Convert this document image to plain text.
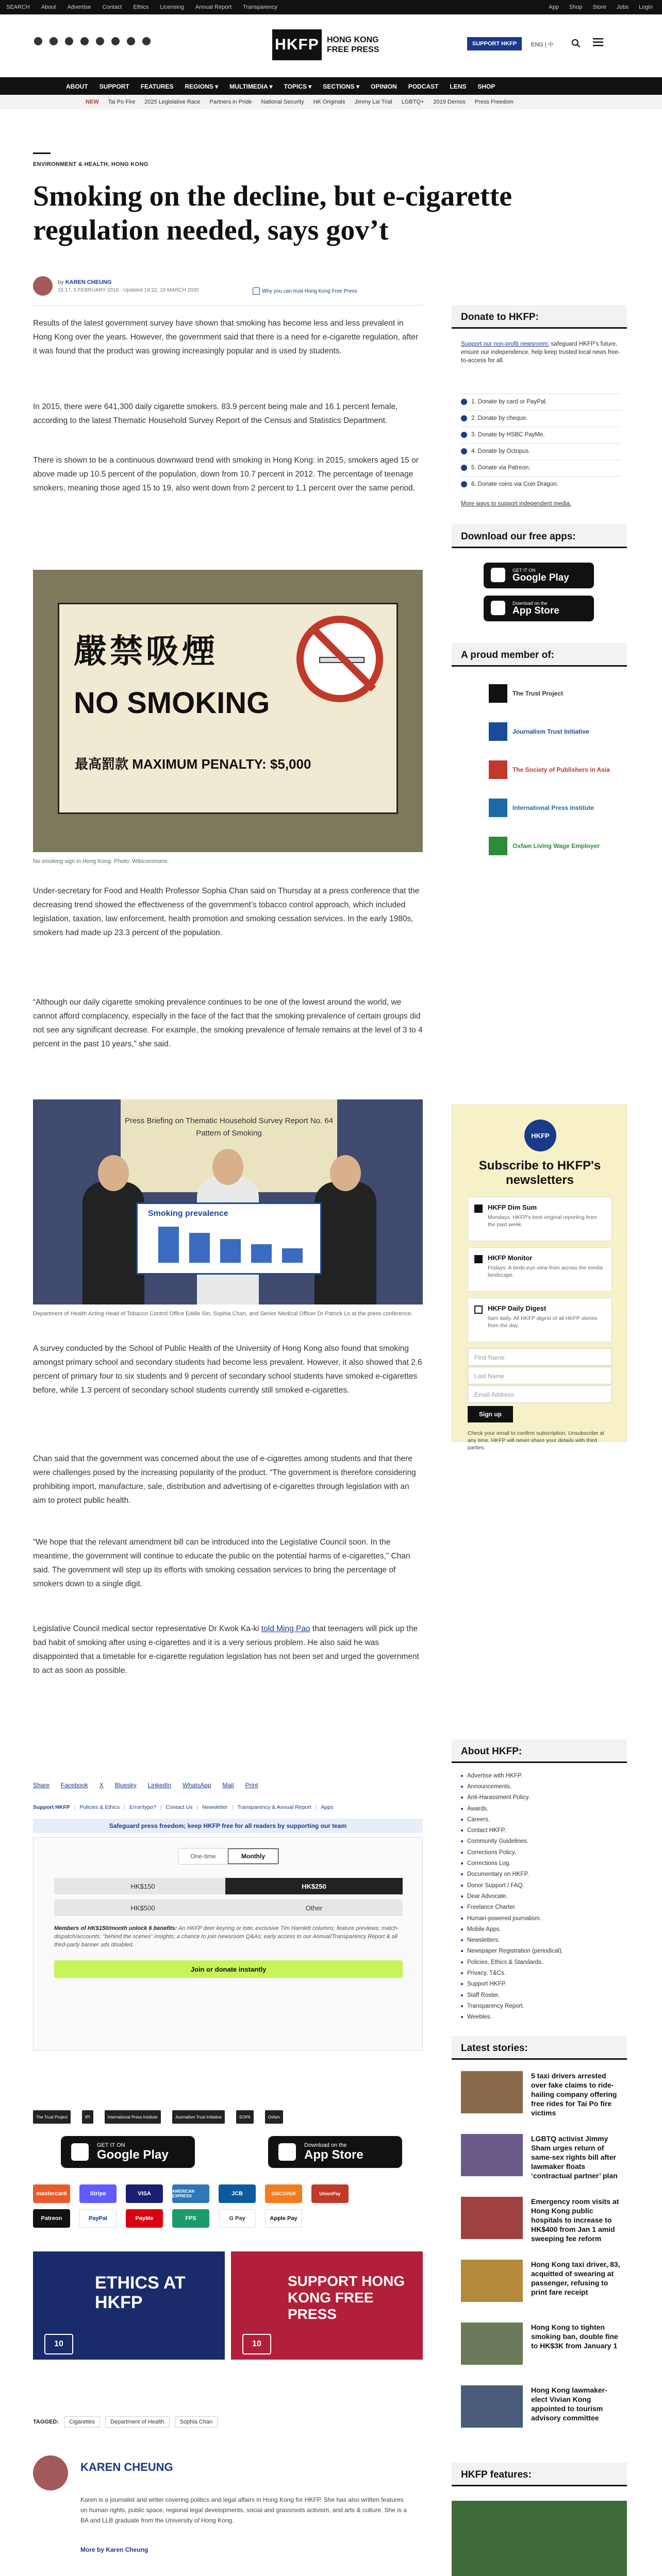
SEARCH About Advertise Contact Ethics Licensing Annual Report Transparency	App Shop Store Jobs Login
HKFP HONG KONG
FREE PRESS
SUPPORT HKFP	ENG | 中
ABOUT SUPPORT FEATURES REGIONS ▾ MULTIMEDIA ▾ TOPICS ▾ SECTIONS ▾ OPINION PODCAST LENS SHOP
NEW Tai Po Fire 2025 Legislative Race Partners in Pride National Security HK Originals Jimmy Lai Trial LGBTQ+ 2019 Demos Press Freedom
ENVIRONMENT & HEALTH, HONG KONG
Smoking on the decline, but e-cigarette regulation needed, says gov’t
by KAREN CHEUNG
15:17, 5 FEBRUARY 2018 · Updated 19:22, 15 MARCH 2020	Why you can trust Hong Kong Free Press

Results of the latest government survey have shown that smoking has become less and less prevalent in Hong Kong over the years. However, the government said that there is a need for e-cigarette regulation, after it was found that the product was growing increasingly popular and is used by students.

In 2015, there were 641,300 daily cigarette smokers. 83.9 percent being male and 16.1 percent female, according to the latest Thematic Household Survey Report of the Census and Statistics Department.

There is shown to be a continuous downward trend with smoking in Hong Kong: in 2015, smokers aged 15 or above made up 10.5 percent of the population, down from 10.7 percent in 2012. The percentage of teenage smokers, meaning those aged 15 to 19, also went down from 2 percent to 1.1 percent over the same period.

嚴禁吸煙
NO SMOKING
最高罰款 MAXIMUM PENALTY: $5,000
No smoking sign in Hong Kong. Photo: Wikicommons.

Under-secretary for Food and Health Professor Sophia Chan said on Thursday at a press conference that the decreasing trend showed the effectiveness of the government’s tobacco control approach, which included legislation, taxation, law enforcement, health promotion and smoking cessation services. In the early 1980s, smokers had made up 23.3 percent of the population.

“Although our daily cigarette smoking prevalence continues to be one of the lowest around the world, we cannot afford complacency, especially in the face of the fact that the smoking prevalence of certain groups did not see any significant decrease. For example, the smoking prevalence of female remains at the level of 3 to 4 percent in the past 10 years,” she said.

Press Briefing on Thematic Household Survey Report No. 64 Pattern of Smoking
Smoking prevalence
Department of Health Acting Head of Tobacco Control Office Eddie Sin, Sophia Chan, and Senior Medical Officer Dr Patrick Lo at the press conference.

A survey conducted by the School of Public Health of the University of Hong Kong also found that smoking amongst primary school and secondary students had become less prevalent. However, it also showed that 2.6 percent of primary four to six students and 9 percent of secondary school students have smoked e-cigarettes before, while 1.3 percent of secondary school students currently still smoked e-cigarettes.

Chan said that the government was concerned about the use of e-cigarettes among students and that there were challenges posed by the increasing popularity of the product. “The government is therefore considering prohibiting import, manufacture, sale, distribution and advertising of e-cigarettes through legislation with an aim to protect public health.

“We hope that the relevant amendment bill can be introduced into the Legislative Council soon. In the meantime, the government will continue to educate the public on the potential harms of e-cigarettes,” Chan said. The government will step up its efforts with smoking cessation services to bring the percentage of smokers down to a single digit.

Legislative Council medical sector representative Dr Kwok Ka-ki told Ming Pao that teenagers will pick up the bad habit of smoking after using e-cigarettes and it is a very serious problem. He also said he was disappointed that a timetable for e-cigarette regulation legislation has not been set and urged the government to act as soon as possible.

Share Facebook X Bluesky LinkedIn WhatsApp Mail Print
Support HKFP | Policies & Ethics | Error/typo? | Contact Us | Newsletter | Transparency & Annual Report | Apps
Safeguard press freedom; keep HKFP free for all readers by supporting our team
One-time	Monthly
HK$150	HK$250
HK$500	Other
Members of HK$150/month unlock 6 benefits: An HKFP deer keyring or tote; exclusive Tim Hamlett columns; feature previews; match-dispatch/accounts; "behind the scenes" insights; a chance to join newsroom Q&As; early access to our Annual/Transparency Report & all third-party banner ads disabled.
Join or donate instantly
The Trust Project	IPI	International Press Institute	Journalism Trust Initiative	SOPA	Oxfam
GET IT ON
Google Play
Download on the
App Store
mastercard	Stripe	VISA	AMERICAN EXPRESS	JCB	DISCOVER	UnionPay
Patreon	PayPal	PayMe	FPS	G Pay	Apple Pay
ETHICS AT HKFP
10
SUPPORT HONG KONG FREE PRESS
10
TAGGED:	Cigarettes	Department of Health	Sophia Chan
KAREN CHEUNG
Karen is a journalist and writer covering politics and legal affairs in Hong Kong for HKFP. She has also written features on human rights, public space, regional legal developments, social and grassroots activism, and arts & culture. She is a BA and LLB graduate from the University of Hong Kong.
More by Karen Cheung
Donate to HKFP:
Support our non-profit newsroom: safeguard HKFP's future, ensure our independence, help keep trusted local news free-to-access for all.
1. Donate by card or PayPal.
2. Donate by cheque.
3. Donate by HSBC PayMe.
4. Donate by Octopus.
5. Donate via Patreon.
6. Donate coins via Coin Dragon.
More ways to support independent media.
Download our free apps:
GET IT ON
Google Play
Download on the
App Store
A proud member of:
The Trust Project
Journalism Trust Initiative
The Society of Publishers in Asia
International Press Institute
Oxfam Living Wage Employer
HKFP
Subscribe to HKFP's newsletters
HKFP Dim Sum
Mondays. HKFP's best original reporting from the past week.
HKFP Monitor
Fridays. A birds-eye view from across the media landscape.
HKFP Daily Digest
9am daily. All HKFP digest of all HKFP stories from the day.
First Name
Last Name
Email Address
Sign up
Check your email to confirm subscription. Unsubscribe at any time. HKFP will never share your details with third parties.
About HKFP:
Advertise with HKFP.
Announcements.
Anti-Harassment Policy.
Awards.
Careers.
Contact HKFP.
Community Guidelines.
Corrections Policy.
Corrections Log.
Documentary on HKFP.
Donor Support / FAQ.
Dear Advocate.
Freelance Charter.
Human-powered journalism.
Mobile Apps.
Newsletters.
Newspaper Registration (periodical).
Policies, Ethics & Standards.
Privacy, T&Cs.
Support HKFP.
Staff Roster.
Transparency Report.
Weebles.
Latest stories:
5 taxi drivers arrested over fake claims to ride-hailing company offering free rides for Tai Po fire victims
LGBTQ activist Jimmy Sham urges return of same-sex rights bill after lawmaker floats ‘contractual partner’ plan
Emergency room visits at Hong Kong public hospitals to increase to HK$400 from Jan 1 amid sweeping fee reform
Hong Kong taxi driver, 83, acquitted of swearing at passenger, refusing to print fare receipt
Hong Kong to tighten smoking ban, double fine to HK$3K from January 1
Hong Kong lawmaker-elect Vivian Kong appointed to tourism advisory committee
HKFP features:
